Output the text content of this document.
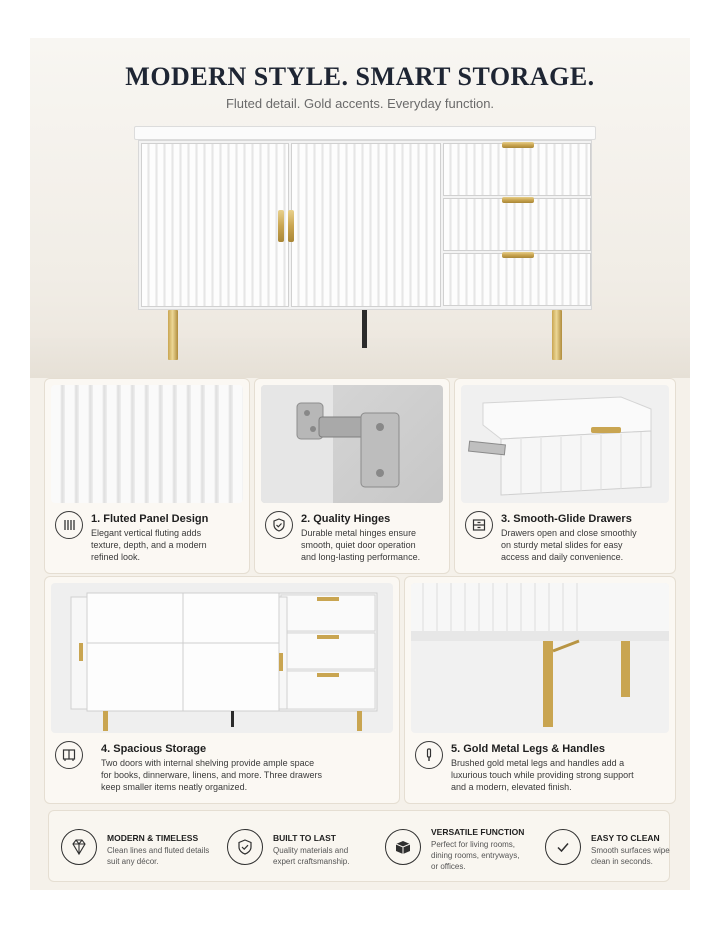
MODERN STYLE. SMART STORAGE.
Fluted detail. Gold accents. Everyday function.
1. Fluted Panel Design
Elegant vertical fluting adds
texture, depth, and a modern
refined look.
2. Quality Hinges
Durable metal hinges ensure
smooth, quiet door operation
and long-lasting performance.
3. Smooth-Glide Drawers
Drawers open and close smoothly
on sturdy metal slides for easy
access and daily convenience.
4. Spacious Storage
Two doors with internal shelving provide ample space
for books, dinnerware, linens, and more. Three drawers
keep smaller items neatly organized.
5. Gold Metal Legs & Handles
Brushed gold metal legs and handles add a
luxurious touch while providing strong support
and a modern, elevated finish.
MODERN & TIMELESS
Clean lines and fluted details
suit any décor.
BUILT TO LAST
Quality materials and
expert craftsmanship.
VERSATILE FUNCTION
Perfect for living rooms,
dining rooms, entryways,
or offices.
EASY TO CLEAN
Smooth surfaces wipe
clean in seconds.
